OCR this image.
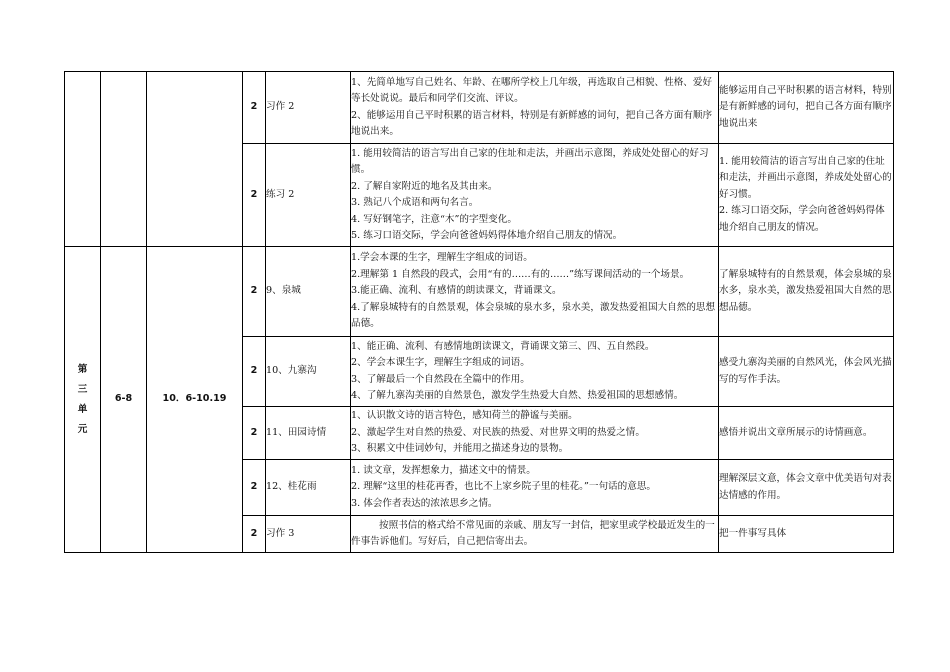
			2	习作 2	1、先简单地写自己姓名、年龄、在哪所学校上几年级，再选取自己相貌、性格、爱好等长处说说。最后和同学们交流、评议。
2、能够运用自己平时积累的语言材料，特别是有新鲜感的词句，把自己各方面有顺序地说出来。	能够运用自己平时积累的语言材料，特别是有新鲜感的词句，把自己各方面有顺序地说出来
			2	练习 2	1. 能用较简洁的语言写出自己家的住址和走法，并画出示意图，养成处处留心的好习惯。
2. 了解自家附近的地名及其由来。
3. 熟记八个成语和两句名言。
4. 写好钢笔字，注意“木”的字型变化。
5. 练习口语交际，学会向爸爸妈妈得体地介绍自己朋友的情况。	1. 能用较简洁的语言写出自己家的住址和走法，并画出示意图，养成处处留心的好习惯。
2. 练习口语交际，学会向爸爸妈妈得体地介绍自己朋友的情况。

第
三
单
元	6-8	10．6-10.19	2	9、泉城	1.学会本课的生字，理解生字组成的词语。
2.理解第 1 自然段的段式，会用“有的……有的……”练写课间活动的一个场景。
3.能正确、流利、有感情的朗读课文，背诵课文。
4.了解泉城特有的自然景观，体会泉城的泉水多，泉水美，激发热爱祖国大自然的思想品德。	了解泉城特有的自然景观，体会泉城的泉水多，泉水美，激发热爱祖国大自然的思想品德。
			2	10、九寨沟	1、能正确、流利、有感情地朗读课文，背诵课文第三、四、五自然段。
2、学会本课生字，理解生字组成的词语。
3、了解最后一个自然段在全篇中的作用。
4、了解九寨沟美丽的自然景色，激发学生热爱大自然、热爱祖国的思想感情。	感受九寨沟美丽的自然风光，体会风光描写的写作手法。
			2	11、田园诗情	1、认识散文诗的语言特色，感知荷兰的静谧与美丽。
2、激起学生对自然的热爱、对民族的热爱、对世界文明的热爱之情。
3、积累文中佳词妙句，并能用之描述身边的景物。	感悟并说出文章所展示的诗情画意。
			2	12、桂花雨	1. 读文章，发挥想象力，描述文中的情景。
2. 理解“这里的桂花再香，也比不上家乡院子里的桂花。”一句话的意思。
3. 体会作者表达的浓浓思乡之情。	理解深层文意，体会文章中优美语句对表达情感的作用。
			2	习作 3	按照书信的格式给不常见面的亲戚、朋友写一封信，把家里或学校最近发生的一件事告诉他们。写好后，自己把信寄出去。	把一件事写具体
